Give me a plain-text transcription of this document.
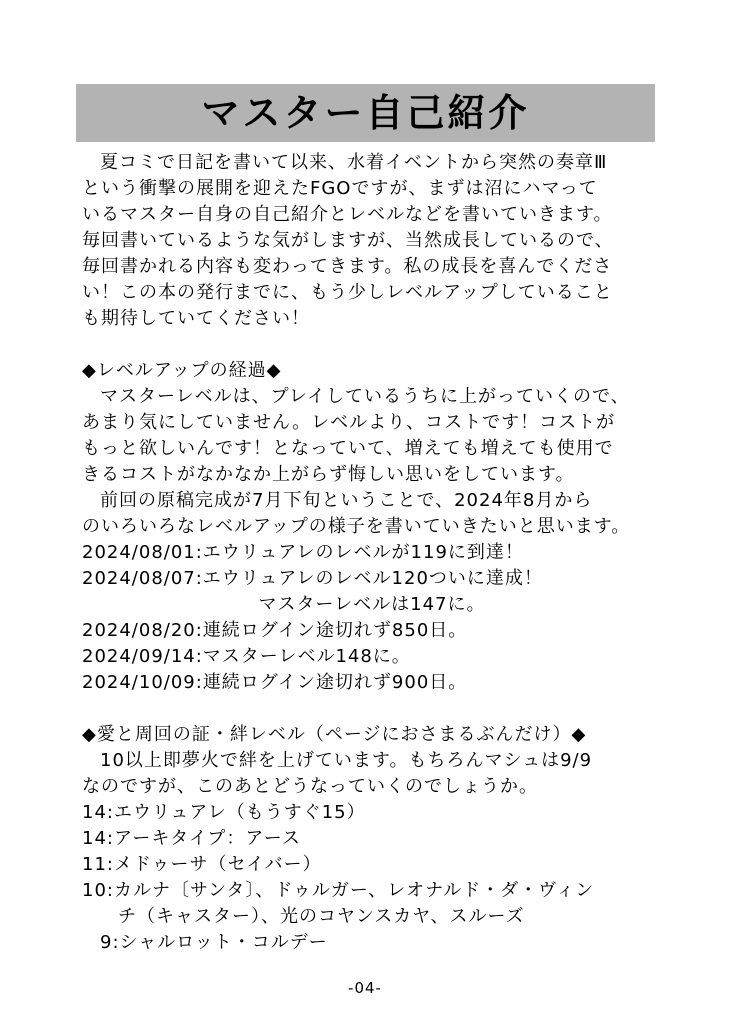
マスター自己紹介
夏コミで日記を書いて以来、水着イベントから突然の奏章Ⅲ
という衝撃の展開を迎えたFGOですが、まずは沼にハマって
いるマスター自身の自己紹介とレベルなどを書いていきます。
毎回書いているような気がしますが、当然成長しているので、
毎回書かれる内容も変わってきます。私の成長を喜んでくださ
い！この本の発行までに、もう少しレベルアップしていること
も期待していてください！
◆レベルアップの経過◆
マスターレベルは、プレイしているうちに上がっていくので、
あまり気にしていません。レベルより、コストです！コストが
もっと欲しいんです！となっていて、増えても増えても使用で
きるコストがなかなか上がらず悔しい思いをしています。
前回の原稿完成が7月下旬ということで、2024年8月から
のいろいろなレベルアップの様子を書いていきたいと思います。
2024/08/01:エウリュアレのレベルが119に到達！
2024/08/07:エウリュアレのレベル120ついに達成！
マスターレベルは147に。
2024/08/20:連続ログイン途切れず850日。
2024/09/14:マスターレベル148に。
2024/10/09:連続ログイン途切れず900日。
◆愛と周回の証・絆レベル（ページにおさまるぶんだけ）◆
10以上即夢火で絆を上げています。もちろんマシュは9/9
なのですが、このあとどうなっていくのでしょうか。
14:エウリュアレ（もうすぐ15）
14:アーキタイプ：アース
11:メドゥーサ（セイバー）
10:カルナ〔サンタ〕、ドゥルガー、レオナルド・ダ・ヴィン
チ（キャスター）、光のコヤンスカヤ、スルーズ
9:シャルロット・コルデー
-04-
